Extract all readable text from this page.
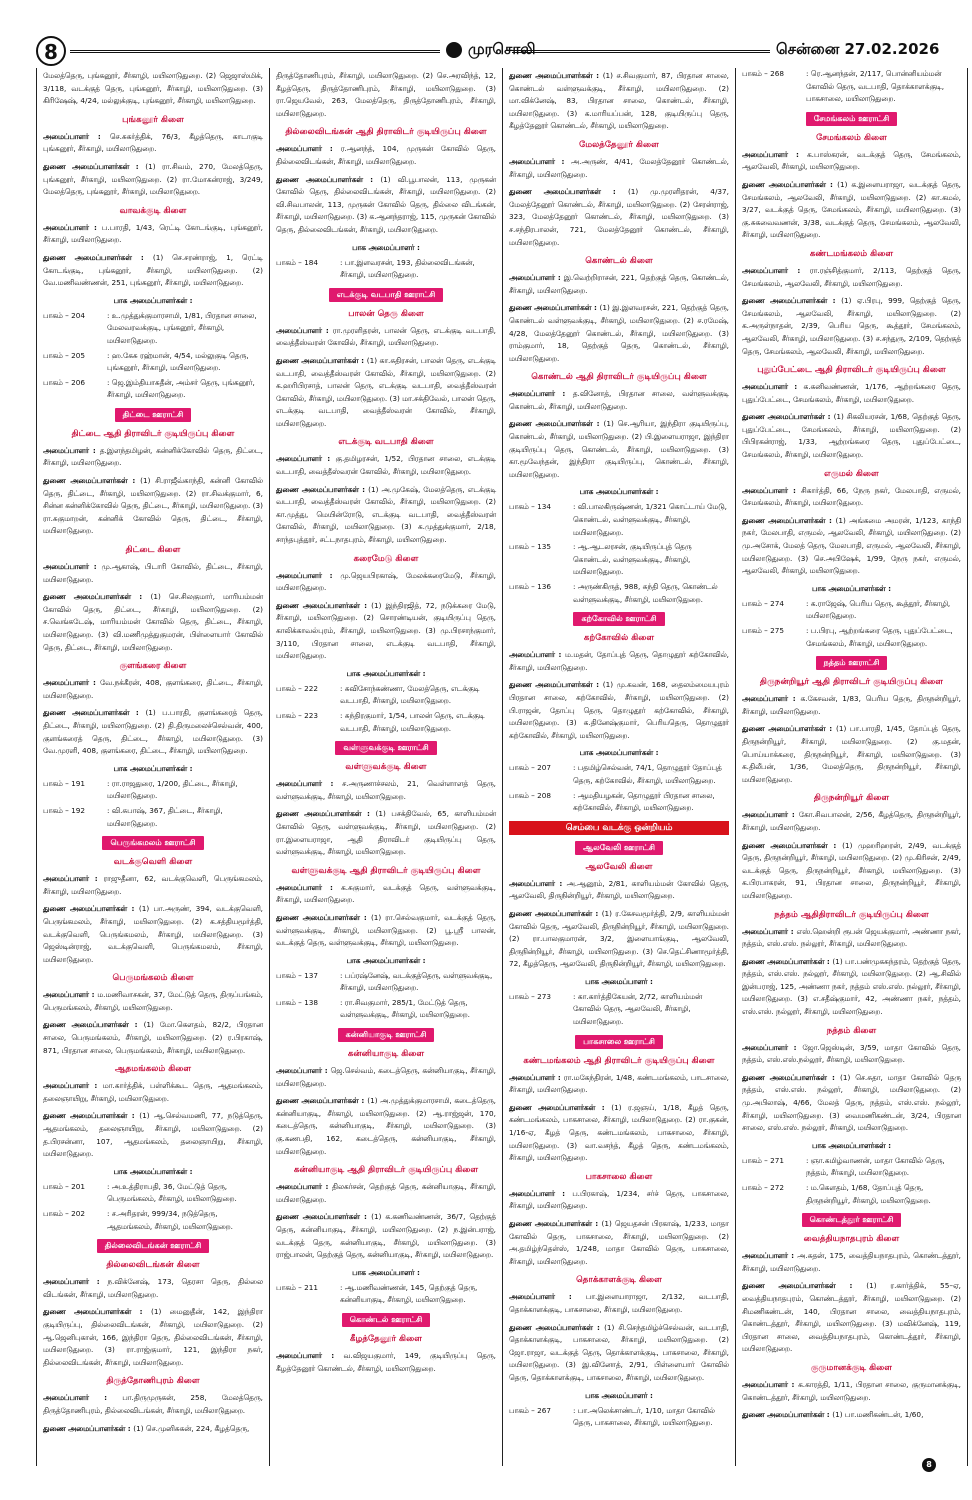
8	முரசொலி	சென்னை 27.02.2026
மேலத்தெரு, புங்கனூர், சீர்காழி, மயிலாடுதுறை. (2) ஜெஜாஸ்மிக், 3/118, வடக்குத் தெரு, புங்கனூர், சீர்காழி, மயிலாடுதுறை. (3) கிரிஷேஷ், 4/24, மல்லுக்குடி, புங்கனூர், சீர்காழி, மயிலாடுதுறை.
புங்கனூர் கிளை
அமைப்பாளர் : செ.சுகர்த்திக், 76/3, கீழத்தெரு, காடாகுடி புங்கனூர், சீர்காழி, மயிலாடுதுறை.
துணை அமைப்பாளர்கள் : (1) ரா.சிவம், 270, மேலத்தெரு, புங்கனூர், சீர்காழி, மயிலாடுதுறை. (2) ரா.மோகன்ராஜ், 3/249, மேலத்தெரு, புங்கனூர், சீர்காழி, மயிலாடுதுறை.
வாவக்குடி கிளை
அமைப்பாளர் : ப.பாரதி, 1/43, ரெட்டி கோடங்குடி, புங்கனூர், சீர்காழி, மயிலாடுதுறை.
துணை அமைப்பாளர்கள் : (1) செ.சரண்ராஜ், 1, ரெட்டி கோடங்குடி, புங்கனூர், சீர்காழி, மயிலாடுதுறை. (2) வே.மணிவண்ணன், 251, புங்கனூர், சீர்காழி, மயிலாடுதுறை.
பாக அமைப்பாளர்கள் :
பாகம் – 204	: உ.முத்துக்குமாரசாமி, 1/81, பிரதான சாலை, மேலவரவக்குடி, புங்கனூர், சீர்காழி, மயிலாடுதுறை.
பாகம் – 205	: ஹ.கேசு ரஹ்மான், 4/54, மல்லுகுடி தெரு, புங்கனூர், சீர்காழி, மயிலாடுதுறை.
பாகம் – 206	: ஜெ.இம்தியாசுதீன், அம்சர் தெரு, புங்கனூர், சீர்காழி, மயிலாடுதுறை.
திட்டை ஊராட்சி
திட்டை ஆதி திராவிடர் குடியிருப்பு கிளை
அமைப்பாளர் : த.இளந்தமிழன், கன்னிக்கோவில் தெரு, திட்டை, சீர்காழி, மயிலாடுதுறை.
துணை அமைப்பாளர்கள் : (1) சி.ராஜீவ்காந்தி, கன்னி கோவில் தெரு, திட்டை, சீர்காழி, மயிலாடுதுறை. (2) ரா.சிவக்குமார், 6, சின்ன கன்னிக்கோவில் தெரு, திட்டை, சீர்காழி, மயிலாடுதுறை. (3) ரா.சுகுமாறன், கன்னிக் கோவில் தெரு, திட்டை, சீர்காழி, மயிலாடுதுறை.
திட்டை கிளை
அமைப்பாளர் : மு.ஆகாஷ், பிடாரி கோவில், திட்டை, சீர்காழி, மயிலாடுதுறை.
துணை அமைப்பாளர்கள் : (1) செ.சிலகுமார், மாரியம்மன் கோவில் தெரு, திட்டை, சீர்காழி, மயிலாடுதுறை. (2) ச.வெங்கடேஷ், மாரியம்மன் கோவில் தெரு, திட்டை, சீர்காழி, மயிலாடுதுறை. (3) வி.மணிமுத்துகுமரன், பிள்ளையார் கோவில் தெரு, திட்டை, சீர்காழி, மயிலாடுதுறை.
குளங்கரை கிளை
அமைப்பாளர் : வே.நக்கீரன், 408, குளங்கரை, திட்டை, சீர்காழி, மயிலாடுதுறை.
துணை அமைப்பாளர்கள் : (1) ப.பாரதி, குளங்கரைத் தெரு, திட்டை, சீர்காழி, மயிலாடுதுறை. (2) தி.திருமலைச்செல்வன், 400, குளங்கரைத் தெரு, திட்டை, சீர்காழி, மயிலாடுதுறை. (3) வே.முரளி, 408, குளங்கரை, திட்டை, சீர்காழி, மயிலாடுதுறை.
பாக அமைப்பாளர்கள் :
பாகம் – 191	: ரா.ராஜதுரை, 1/200, திட்டை, சீர்காழி, மயிலாடுதுறை.
பாகம் – 192	: வி.சுபாஷ், 367, திட்டை, சீர்காழி, மயிலாடுதுறை.
பெருங்கமலம் ஊராட்சி
வடக்குவெளி கிளை
அமைப்பாளர் : ராஜுதீனா, 62, வடக்குவெளி, பெருங்கமலம், சீர்காழி, மயிலாடுதுறை.
துணை அமைப்பாளர்கள் : (1) பா.அருண், 394, வடக்குவெளி, பெருங்கமலம், சீர்காழி, மயிலாடுதுறை. (2) க.சத்தியமூர்த்தி, வடக்குவெளி, பெருங்கமலம், சீர்காழி, மயிலாடுதுறை. (3) ஜெஸ்டின்ராஜ், வடக்குவெளி, பெருங்கமலம், சீர்காழி, மயிலாடுதுறை.
பெருமங்கலம் கிளை
அமைப்பாளர் : ம.மணிவாசகன், 37, மேட்டுத் தெரு, திருப்பங்கம், பெருமங்கலம், சீர்காழி, மயிலாடுதுறை.
துணை அமைப்பாளர்கள் : (1) மோ.கௌதம், 82/2, பிரதான சாலை, பெருமங்கலம், சீர்காழி, மயிலாடுதுறை. (2) ர.பிரகாஷ், 871, பிரதான சாலை, பெருமங்கலம், சீர்காழி, மயிலாடுதுறை.
ஆதமங்கலம் கிளை
அமைப்பாளர் : மா.கார்த்திக், பள்ளிக்கூட தெரு, ஆதமங்கலம், தலைஞாயிறு, சீர்காழி, மயிலாடுதுறை.
துணை அமைப்பாளர்கள் : (1) ஆ.செல்வமணி, 77, நடுத்தெரு, ஆதமங்கலம், தலைஞாயிறு, சீர்காழி, மயிலாடுதுறை. (2) த.பிரசன்னா, 107, ஆதமங்கலம், தலைஞாயிறு, சீர்காழி, மயிலாடுதுறை.
பாக அமைப்பாளர்கள் :
பாகம் – 201	: அ.உத்திராபதி, 36, மேட்டுத் தெரு, பெருமங்கலம், சீர்காழி, மயிலாடுதுறை.
பாகம் – 202	: ச.அரிதரன், 999/34, நடுத்தெரு, ஆதமங்கலம், சீர்காழி, மயிலாடுதுறை.
தில்லைவிடங்கன் ஊராட்சி
தில்லைவிடங்கன் கிளை
அமைப்பாளர் : ந.விக்னேஷ், 173, தெரசா தெரு, தில்லை விடங்கன், சீர்காழி, மயிலாடுதுறை.
துணை அமைப்பாளர்கள் : (1) மைனுதீன், 142, இந்திரா குடியிருப்பு, தில்லைவிடங்கன், சீர்காழி, மயிலாடுதுறை. (2) ஆ.ஜெனிபுகான், 166, இந்திரா தெரு, தில்லைவிடங்கன், சீர்காழி, மயிலாடுதுறை. (3) ரா.ராஜ்குமார், 121, இந்திரா நகர், தில்லைவிடங்கன், சீர்காழி, மயிலாடுதுறை.
திருத்தோணிபுரம் கிளை
அமைப்பாளர் : பா.திருமுருகன், 258, மேலத்தெரு, திருத்தோணிபுரம், தில்லைவிடங்கன், சீர்காழி, மயிலாடுதுறை.
துணை அமைப்பாளர்கள் : (1) செ.முனிசுகன், 224, கீழத்தெரு,
திருத்தோணிபுரம், சீர்காழி, மயிலாடுதுறை. (2) செ.அரவிந்த், 12, கீழத்தெரு, திருத்தோணிபுரம், சீர்காழி, மயிலாடுதுறை. (3) ரா.ஜெயவேல், 263, மேலத்தெரு, திருத்தோணிபுரம், சீர்காழி, மயிலாடுதுறை.
தில்லைவிடங்கன் ஆதி திராவிடர் குடியிருப்பு கிளை
அமைப்பாளர் : ர.ஆனந்த், 104, முருகன் கோவில் தெரு, தில்லைவிடங்கன், சீர்காழி, மயிலாடுதுறை.
துணை அமைப்பாளர்கள் : (1) வி.பூபாலன், 113, முருகன் கோவில் தெரு, தில்லைவிடங்கன், சீர்காழி, மயிலாடுதுறை. (2) வி.சிவபாலன், 113, முருகன் கோவில் தெரு, தில்லை விடங்கன், சீர்காழி, மயிலாடுதுறை. (3) க.ஆனந்தராஜ், 115, முருகன் கோவில் தெரு, தில்லைவிடங்கன், சீர்காழி, மயிலாடுதுறை.
பாக அமைப்பாளர் :
பாகம் – 184	: பா.இளவரசன், 193, தில்லைவிடங்கன், சீர்காழி, மயிலாடுதுறை.
எடக்குடி வடபாதி ஊராட்சி
பாலன் தெரு கிளை
அமைப்பாளர் : ரா.முரளிதரன், பாலன் தெரு, எடக்குடி வடபாதி, வைத்தீஸ்வரன் கோவில், சீர்காழி, மயிலாடுதுறை.
துணை அமைப்பாளர்கள் : (1) கா.சுதிரசன், பாலன் தெரு, எடக்குடி வடபாதி, வைத்தீஸ்வரன் கோவில், சீர்காழி, மயிலாடுதுறை. (2) க.ஹரிபிரசாத், பாலன் தெரு, எடக்குடி வடபாதி, வைத்தீஸ்வரன் கோவில், சீர்காழி, மயிலாடுதுறை. (3) மா.சக்திவேல், பாலன் தெரு, எடக்குடி வடபாதி, வைத்தீஸ்வரன் கோவில், சீர்காழி, மயிலாடுதுறை.
எடக்குடி வடபாதி கிளை
அமைப்பாளர் : கு.தமிழரசன், 1/52, பிரதான சாலை, எடக்குடி வடபாதி, வைத்தீஸ்வரன் கோவில், சீர்காழி, மயிலாடுதுறை.
துணை அமைப்பாளர்கள் : (1) அ.முகேஷ், மேலத்தெரு, எடக்குடி வடபாதி, வைத்தீஸ்வரன் கோவில், சீர்காழி, மயிலாடுதுறை. (2) கா.முத்து, மெயின்ரோடு, எடக்குடி வடபாதி, வைத்தீஸ்வரன் கோவில், சீர்காழி, மயிலாடுதுறை. (3) க.முத்துக்குமார், 2/18, சாந்தபுத்தூர், சட்டநாதபுரம், சீர்காழி, மயிலாடுதுறை.
கரைமேடு கிளை
அமைப்பாளர் : மு.ஜெயபிரகாஷ், மேலக்கரைமேடு, சீர்காழி, மயிலாடுதுறை.
துணை அமைப்பாளர்கள் : (1) இந்திரஜித், 72, நடுக்கரை மேடு, சீர்காழி, மயிலாடுதுறை. (2) சொரண்டியன், குடியிருப்பு தெரு, காலிக்காவல்புரம், சீர்காழி, மயிலாடுதுறை. (3) மு.பிரசாந்குமார், 3/110, பிரதான சாலை, எடக்குடி வடபாதி, சீர்காழி, மயிலாடுதுறை.
பாக அமைப்பாளர்கள் :
பாகம் – 222	: சுவிசோந்கண்ணா, மேலத்தெரு, எடக்குடி வடபாதி, சீர்காழி, மயிலாடுதுறை.
பாகம் – 223	: சுந்திரகுமார், 1/54, பாலன் தெரு, எடக்குடி வடபாதி, சீர்காழி, மயிலாடுதுறை.
வள்ளுவக்குடி ஊராட்சி
வள்ளுவக்குடி கிளை
அமைப்பாளர் : ச.அருணாச்சலம், 21, வெள்ளாளத் தெரு, வள்ளுவக்குடி, சீர்காழி, மயிலாடுதுறை.
துணை அமைப்பாளர்கள் : (1) பசக்திவேல், 65, காளியம்மன் கோவில் தெரு, வள்ளுவக்குடி, சீர்காழி, மயிலாடுதுறை. (2) ரா.இளையராஜா, ஆதி திராவிடர் குடியிருப்பு தெரு, வள்ளுவக்குடி, சீர்காழி, மயிலாடுதுறை.
வள்ளுவக்குடி ஆதி திராவிடர் குடியிருப்பு கிளை
அமைப்பாளர் : க.சுகுமார், வடக்குத் தெரு, வள்ளுவக்குடி, சீர்காழி, மயிலாடுதுறை.
துணை அமைப்பாளர்கள் : (1) ரா.செல்வகுமார், வடக்குத் தெரு, வள்ளுவக்குடி, சீர்காழி, மயிலாடுதுறை. (2) பூ.ஸ்ரீ பாலன், வடக்குத் தெரு, வள்ளுவக்குடி, சீர்காழி, மயிலாடுதுறை.
பாக அமைப்பாளர்கள் :
பாகம் – 137	: பப்ரஷ்னேஷ், வடக்குத்தெரு, வள்ளுவக்குடி, சீர்காழி, மயிலாடுதுறை.
பாகம் – 138	: ரா.சிவகுமார், 285/1, மேட்டுத் தெரு, வள்ளுவக்குடி, சீர்காழி, மயிலாடுதுறை.
கன்னியாகுடி ஊராட்சி
கன்னியாகுடி கிளை
அமைப்பாளர் : ஜெ.செல்வம், கடைத்தெரு, கன்னியாகுடி, சீர்காழி, மயிலாடுதுறை.
துணை அமைப்பாளர்கள் : (1) அ.முத்துக்குமாரசாமி, கடைத்தெரு, கன்னியாகுடி, சீர்காழி, மயிலாடுதுறை. (2) ஆ.ராஜ்ஜன், 170, கடைத்தெரு, கன்னியாகுடி, சீர்காழி, மயிலாடுதுறை. (3) கு.கணபதி, 162, கடைத்தெரு, கன்னியாகுடி, சீர்காழி, மயிலாடுதுறை.
கன்னியாகுடி ஆதி திராவிடர் குடியிருப்பு கிளை
அமைப்பாளர் : திலகர்சன், தெற்குத் தெரு, கன்னியாகுடி, சீர்காழி, மயிலாடுதுறை.
துணை அமைப்பாளர்கள் : (1) க.கணிவண்ணன், 36/7, தெற்குத் தெரு, கன்னியாகுடி, சீர்காழி, மயிலாடுதுறை. (2) ந.இன்பராஜ், வடக்குத் தெரு, கன்னியாகுடி, சீர்காழி, மயிலாடுதுறை. (3) ராஜ்பாலன், தெற்குத் தெரு, கன்னியாகுடி, சீர்காழி, மயிலாடுதுறை.
பாக அமைப்பாளர் :
பாகம் – 211	: ஆ.மணிவண்ணன், 145, தெற்குத் தெரு, கன்னியாகுடி, சீர்காழி, மயிலாடுதுறை.
கொண்டல் ஊராட்சி
கீழத்தேனூர் கிளை
அமைப்பாளர் : வ.விஜயகுமார், 149, குடியிருப்பு தெரு, கீழத்தேனூர் கொண்டல், சீர்காழி, மயிலாடுதுறை.
துணை அமைப்பாளர்கள் : (1) ச.சிவகுமார், 87, பிரதான சாலை, கொண்டல் வள்ளுவக்குடி, சீர்காழி, மயிலாடுதுறை. (2) மா.விக்னேஷ், 83, பிரதான சாலை, கொண்டல், சீர்காழி, மயிலாடுதுறை. (3) க.மாரியப்பன், 128, குடியிருப்பு தெரு, கீழத்தேனூர் கொண்டல், சீர்காழி, மயிலாடுதுறை.
மேலத்தேனூர் கிளை
அமைப்பாளர் : அ.அருண், 4/41, மேலத்தேனூர் கொண்டல், சீர்காழி, மயிலாடுதுறை.
துணை அமைப்பாளர்கள் : (1) மு.முரளிதரன், 4/37, மேலத்தேனூர் கொண்டல், சீர்காழி, மயிலாடுதுறை. (2) சேரன்ராஜ், 323, மேலத்தேனூர் கொண்டல், சீர்காழி, மயிலாடுதுறை. (3) ச.சந்திரபாலன், 721, மேலத்தேனூர் கொண்டல், சீர்காழி, மயிலாடுதுறை.
கொண்டல் கிளை
அமைப்பாளர் : இ.வெற்றிராசன், 221, தெற்குத் தெரு, கொண்டல், சீர்காழி, மயிலாடுதுறை.
துணை அமைப்பாளர்கள் : (1) இ.இளவரசன், 221, தெற்குத் தெரு, கொண்டல் வள்ளுவக்குடி, சீர்காழி, மயிலாடுதுறை. (2) ச.ரமேஷ், 4/28, மேலத்தேனூர் கொண்டல், சீர்காழி, மயிலாடுதுறை. (3) ராம்குமார், 18, தெற்குத் தெரு, கொண்டல், சீர்காழி, மயிலாடுதுறை.
கொண்டல் ஆதி திராவிடர் குடியிருப்பு கிளை
அமைப்பாளர் : த.வினோத், பிரதான சாலை, வள்ளுவக்குடி கொண்டல், சீர்காழி, மயிலாடுதுறை.
துணை அமைப்பாளர்கள் : (1) செ.ஆரியா, இந்திரா குடியிருப்பு, கொண்டல், சீர்காழி, மயிலாடுதுறை. (2) பி.இளையராஜா, இந்திரா குடியிருப்பு தெரு, கொண்டல், சீர்காழி, மயிலாடுதுறை. (3) கா.மூவேந்தன், இந்திரா குடியிருப்பு, கொண்டல், சீர்காழி, மயிலாடுதுறை.
பாக அமைப்பாளர்கள் :
பாகம் – 134	: வி.பாலகிருஷ்ணன், 1/321 கொட்டாய் மேடு, கொண்டல், வள்ளுவக்குடி, சீர்காழி, மயிலாடுதுறை.
பாகம் – 135	: ஆ.ஆடலரசன், குடியிருப்புத் தெரு கொண்டல், வள்ளுவக்குடி, சீர்காழி, மயிலாடுதுறை.
பாகம் – 136	: அருண்கிருத், 988, சுந்தி தெரு, கொண்டல் வள்ளுவக்குடி, சீர்காழி, மயிலாடுதுறை.
கற்கோவில் ஊராட்சி
கற்கோவில் கிளை
அமைப்பாளர் : ம.மதன், தோப்புத் தெரு, தொழுதூர் கற்கோவில், சீர்காழி, மயிலாடுதுறை.
துணை அமைப்பாளர்கள் : (1) மு.கவன், 168, தைலம்மையபுரம் பிரதான சாலை, கற்கோவில், சீர்காழி, மயிலாடுதுறை. (2) பி.ராஜன், தோப்பு தெரு, தொழுதூர் கற்கோவில், சீர்காழி, மயிலாடுதுறை. (3) க.தினேஷ்குமார், பெரியதெரு, தொழுதூர் கற்கோவில், சீர்காழி, மயிலாடுதுறை.
பாக அமைப்பாளர்கள் :
பாகம் – 207	: பதமிழ்செல்வன், 74/1, தொழுதூர் தோப்புத் தெரு, கற்கோவில், சீர்காழி, மயிலாடுதுறை.
பாகம் – 208	: ஆமதியழகன், தொழுதூர் பிரதான சாலை, கற்கோவில், சீர்காழி, மயிலாடுதுறை.
செம்பை வடக்கு ஒன்றியம்
ஆலவேலி ஊராட்சி
ஆலவேலி கிளை
அமைப்பாளர் : அ.ஆனூம், 2/81, காளியம்மன் கோவில் தெரு, ஆலவேலி, திருநின்றியூர், சீர்காழி, மயிலாடுதுறை.
துணை அமைப்பாளர்கள் : (1) ர.கேசவமூர்த்தி, 2/9, காளியம்மன் கோவில் தெரு, ஆலவேலி, திருநின்றியூர், சீர்காழி, மயிலாடுதுறை. (2) ரா.பாலகுமாரன், 3/2, இளையாங்குடி, ஆலவேலி, திருநின்றியூர், சீர்காழி, மயிலாடுதுறை. (3) செ.தெட்சிணாமூர்த்தி, 72, கீழத்தெரு, ஆலவேலி, திருநின்றியூர், சீர்காழி, மயிலாடுதுறை.
பாக அமைப்பாளர் :
பாகம் – 273	: கா.கார்த்திகேயன், 2/72, காளியம்மன் கோவில் தெரு, ஆலவேலி, சீர்காழி, மயிலாடுதுறை.
பாகசாலை ஊராட்சி
கண்டமங்கலம் ஆதி திராவிடர் குடியிருப்பு கிளை
அமைப்பாளர் : ரா.மகேந்திரன், 1/48, கண்டமங்கலம், பாடசாலை, சீர்காழி, மயிலாடுதுறை.
துணை அமைப்பாளர்கள் : (1) ர.ஜஞய், 1/18, கீழத் தெரு, கண்டமங்கலம், பாகசாலை, சீர்காழி, மயிலாடுதுறை. (2) ரா.குகன், 1/16-ஏ, கீழத் தெரு, கண்டமங்கலம், பாகசாலை, சீர்காழி, மயிலாடுதுறை. (3) வா.வசந்த், கீழத் தெரு, கண்டமங்கலம், சீர்காழி, மயிலாடுதுறை.
பாகசாலை கிளை
அமைப்பாளர் : ப.பிரகாஷ், 1/234, சர்ச் தெரு, பாகசாலை, சீர்காழி, மயிலாடுதுறை.
துணை அமைப்பாளர்கள் : (1) ஜெயதசன் பிரகாஷ், 1/233, மாதா கோவில் தெரு, பாகசாலை, சீர்காழி, மயிலாடுதுறை. (2) அ.தமிழ்ந்தெள்ஸ், 1/248, மாதா கோவில் தெரு, பாகசாலை, சீர்காழி, மயிலாடுதுறை.
தொக்காளக்குடி கிளை
அமைப்பாளர் : பா.இளையாராஜா, 2/132, வடபாதி, தொக்காளக்குடி, பாகசாலை, சீர்காழி, மயிலாடுதுறை.
துணை அமைப்பாளர்கள் : (1) சி.செந்தமிழ்ச்செல்வன், வடபாதி, தொக்காளக்குடி, பாகசாலை, சீர்காழி, மயிலாடுதுறை. (2) ஜோ.ராஜா, வடக்குத் தெரு, தொக்காளக்குடி, பாகசாலை, சீர்காழி, மயிலாடுதுறை. (3) இ.வினோத், 2/91, பிள்ளையார் கோவில் தெரு, தொக்காளக்குடி, பாகசாலை, சீர்காழி, மயிலாடுதுறை.
பாக அமைப்பாளர் :
பாகம் – 267	: பா.அலெக்சாண்டர், 1/10, மாதா கோவில் தெரு, பாகசாலை, சீர்காழி, மயிலாடுதுறை.
பாகம் – 268	: ரெ.ஆனந்தன், 2/117, பொன்னியம்மன் கோவில் தெரு, வடபாதி, தொக்காளக்குடி, பாகசாலை, மயிலாடுதுறை.
சேமங்கலம் ஊராட்சி
சேமங்கலம் கிளை
அமைப்பாளர் : க.பாஸ்கரன், வடக்குத் தெரு, சேமங்கலம், ஆலவேலி, சீர்காழி, மயிலாடுதுறை.
துணை அமைப்பாளர்கள் : (1) க.இளையராஜா, வடக்குத் தெரு, சேமங்கலம், ஆலவேலி, சீர்காழி, மயிலாடுதுறை. (2) கா.கமல், 3/27, வடக்குத் தெரு, சேமங்கலம், சீர்காழி, மயிலாடுதுறை. (3) கு.சுகவைவணன், 3/38, வடக்குத் தெரு, சேமங்கலம், ஆலவேலி, சீர்காழி, மயிலாடுதுறை.
கண்டமங்கலம் கிளை
அமைப்பாளர் : ரா.ரஞ்சித்குமார், 2/113, தெற்குத் தெரு, சேமங்கலம், ஆலவேலி, சீர்காழி, மயிலாடுதுறை.
துணை அமைப்பாளர்கள் : (1) ஏ.பிரபு, 999, தெற்குத் தெரு, சேமங்கலம், ஆலவேலி, சீர்காழி, மயிலாடுதுறை. (2) க.அருள்நாதன், 2/39, பெரிய தெரு, கூத்தூர், சேமங்கலம், ஆலவேலி, சீர்காழி, மயிலாடுதுறை. (3) ச.சந்துரு, 2/109, தெற்குத் தெரு, சேமங்கலம், ஆலவேலி, சீர்காழி, மயிலாடுதுறை.
புதுப்பேட்டை ஆதி திராவிடர் குடியிருப்பு கிளை
அமைப்பாளர் : க.கனிவண்ணன், 1/176, ஆற்றங்கரை தெரு, புதுப்பேட்டை, சேமங்கலம், சீர்காழி, மயிலாடுதுறை.
துணை அமைப்பாளர்கள் : (1) சிகலியரசன், 1/68, தெற்குத் தெரு, புதுப்பேட்டை, சேமங்கலம், சீர்காழி, மயிலாடுதுறை. (2) பிபிரகன்ராஜ், 1/33, ஆற்றங்கரை தெரு, புதுப்பேட்டை, சேமங்கலம், சீர்காழி, மயிலாடுதுறை.
எருமல் கிளை
அமைப்பாளர் : சிகார்த்தி, 66, நேரு நகர், மேலபாதி, எருமல், சேமங்கலம், சீர்காழி, மயிலாடுதுறை.
துணை அமைப்பாளர்கள் : (1) அங்கமை அமரன், 1/123, காந்தி நகர், மேலபாதி, எருமல், ஆலவேலி, சீர்காழி, மயிலாடுதுறை. (2) மு.அசோக், மேலத் தெரு, மேலபாதி, எருமல், ஆலவேலி, சீர்காழி, மயிலாடுதுறை. (3) செ.அபிஷேக், 1/99, நேரு நகர், எருமல், ஆலவேலி, சீர்காழி, மயிலாடுதுறை.
பாக அமைப்பாளர்கள் :
பாகம் – 274	: க.ராஜேஷ், பெரிய தெரு, கூத்தூர், சீர்காழி, மயிலாடுதுறை.
பாகம் – 275	: ப.பிரபு, ஆற்றங்கரை தெரு, புதுப்பேட்டை, சேமங்கலம், சீர்காழி, மயிலாடுதுறை.
நத்தம் ஊராட்சி
திருநன்றியூர் ஆதி திராவிடர் குடியிருப்பு கிளை
அமைப்பாளர் : க.கேசவன், 1/83, பெரிய தெரு, திருநன்றியூர், சீர்காழி, மயிலாடுதுறை.
துணை அமைப்பாளர்கள் : (1) பா.பாரதி, 1/45, தோப்புத் தெரு, திருநன்றியூர், சீர்காழி, மயிலாடுதுறை. (2) கு.மதன், பொய்யாக்கரை, திருநன்றியூர், சீர்காழி, மயிலாடுதுறை. (3) க.திலீபன், 1/36, மேலத்தெரு, திருநன்றியூர், சீர்காழி, மயிலாடுதுறை.
திருநன்றியூர் கிளை
அமைப்பாளர் : கோ.சிவபாலன், 2/56, கீழத்தெரு, திருநன்றியூர், சீர்காழி, மயிலாடுதுறை.
துணை அமைப்பாளர்கள் : (1) முஹரிஹரன், 2/49, வடக்குத் தெரு, திருநன்றியூர், சீர்காழி, மயிலாடுதுறை. (2) மு.கிரிசன், 2/49, வடக்குத் தெரு, திருநன்றியூர், சீர்காழி, மயிலாடுதுறை. (3) க.பிரபாகரன், 91, பிரதான சாலை, திருநன்றியூர், சீர்காழி, மயிலாடுதுறை.
நத்தம் ஆதிதிராவிடர் குடியிருப்பு கிளை
அமைப்பாளர் : எஸ்.ஹென்றி ரூபன் ஜெயக்குமார், அண்ணா நகர், நத்தம், எஸ்.எஸ். நல்லூர், சீர்காழி, மயிலாடுதுறை.
துணை அமைப்பாளர்கள் : (1) பா.பண்முகசுந்தரம், தெற்குத் தெரு, நத்தம், எஸ்.எஸ். நல்லூர், சீர்காழி, மயிலாடுதுறை. (2) ஆ.சிவில் இன்பராஜ், 125, அண்ணா நகர், நத்தம் எஸ்.எஸ். நல்லூர், சீர்காழி, மயிலாடுதுறை. (3) எ.சதீஷ்குமார், 42, அண்ணா நகர், நத்தம், எஸ்.எஸ். நல்லூர், சீர்காழி, மயிலாடுதுறை.
நத்தம் கிளை
அமைப்பாளர் : ஜோ.ஜெஸ்டின், 3/59, மாதா கோவில் தெரு, நத்தம், எஸ்.எஸ்.நல்லூர், சீர்காழி, மயிலாடுதுறை.
துணை அமைப்பாளர்கள் : (1) செ.சுதா, மாதா கோவில் தெரு நத்தம், எஸ்.எஸ். நல்லூர், சீர்காழி, மயிலாடுதுறை. (2) மு.அபிலாஷ், 4/66, மேலத் தெரு, நத்தம், எஸ்.எஸ். நல்லூர், சீர்காழி, மயிலாடுதுறை. (3) வைமணிகண்டன், 3/24, பிரதான சாலை, எஸ்.எஸ். நல்லூர், சீர்காழி, மயிலாடுதுறை.
பாக அமைப்பாளர்கள் :
பாகம் – 271	: ஞா.கமிழ்வாணன், மாதா கோவில் தெரு, நத்தம், சீர்காழி, மயிலாடுதுறை.
பாகம் – 272	: ம.கௌதம், 1/68, தோப்புத் தெரு, திருநன்றியூர், சீர்காழி, மயிலாடுதுறை.
கொண்டத்தூர் ஊராட்சி
வைத்தியநாதபுரம் கிளை
அமைப்பாளர் : அ.சுதன், 175, வைத்தியநாதபுரம், கொண்டத்தூர், சீர்காழி, மயிலாடுதுறை.
துணை அமைப்பாளர்கள் : (1) ர.கார்த்திக், 55–ஏ, வைத்தியநாதபுரம், கொண்டத்தூர், சீர்காழி, மயிலாடுதுறை. (2) சிமணிகண்டன், 140, பிரதான சாலை, வைத்தியநாதபுரம், கொண்டத்தூர், சீர்காழி, மயிலாடுதுறை. (3) மவிக்னேஷ், 119, பிரதான சாலை, வைத்தியநாதபுரம், கொண்டத்தூர், சீர்காழி, மயிலாடுதுறை.
குருமானக்குடி கிளை
அமைப்பாளர் : க.காரத்தி, 1/11, பிரதான சாலை, குருமானக்குடி, கொண்டத்தூர், சீர்காழி, மயிலாடுதுறை.
துணை அமைப்பாளர்கள் : (1) பா.மணிகண்டன், 1/60,
8
